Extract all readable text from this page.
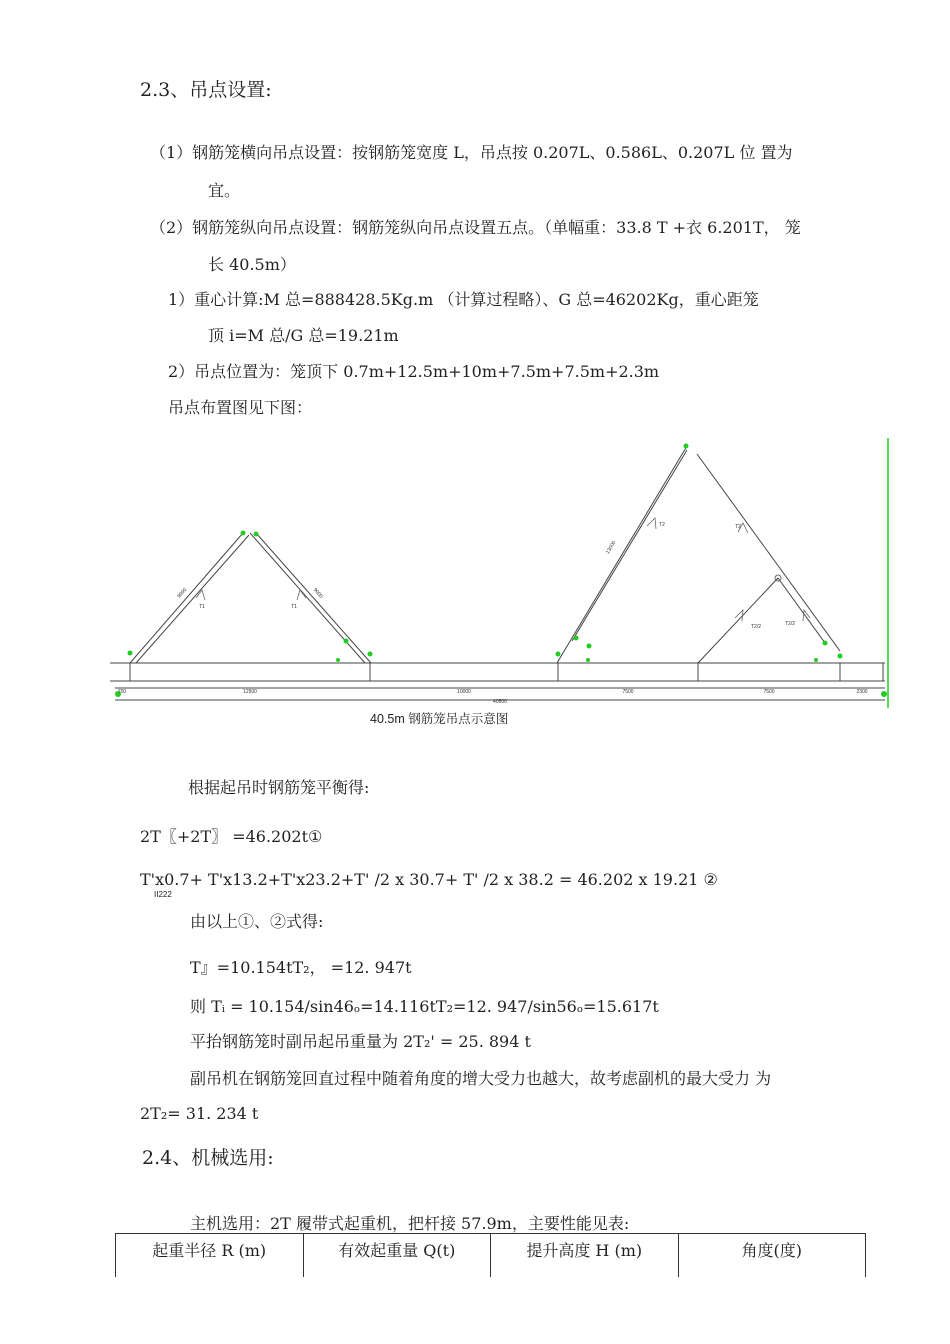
2.3、吊点设置:
（1）钢筋笼横向吊点设置：按钢筋笼宽度 L，吊点按 0.207L、0.586L、0.207L 位 置为
宜。
（2）钢筋笼纵向吊点设置：钢筋笼纵向吊点设置五点。（单幅重：33.8 T +衣 6.201T， 笼
长 40.5m）
1）重心计算:M 总=888428.5Kg.m （计算过程略）、G 总=46202Kg，重心距笼
顶 i=M 总/G 总=19.21m
2）吊点位置为：笼顶下 0.7m+12.5m+10m+7.5m+7.5m+2.3m
吊点布置图见下图：
700	12500	10000	7500	7500	2300
40500
T1	T1
T2	T2
T2/2	T2/2
9000	9000
13000
40.5m 钢筋笼吊点示意图
根据起吊时钢筋笼平衡得:
2T〖+2T〗 =46.202t①
T'x0.7+ T'x13.2+T'x23.2+T' /2 x 30.7+ T' /2 x 38.2 = 46.202 x 19.21 ②
II222
由以上①、②式得:
T』=10.154tT₂， =12. 947t
则 Tᵢ = 10.154/sin46ₒ=14.116tT₂=12. 947/sin56ₒ=15.617t
平抬钢筋笼时副吊起吊重量为 2T₂' = 25. 894 t
副吊机在钢筋笼回直过程中随着角度的增大受力也越大，故考虑副机的最大受力 为
2T₂= 31. 234 t
2.4、机械选用:
主机选用：2T 履带式起重机，把杆接 57.9m，主要性能见表:
起重半径 R (m)	有效起重量 Q(t)	提升高度 H (m)	角度(度)
